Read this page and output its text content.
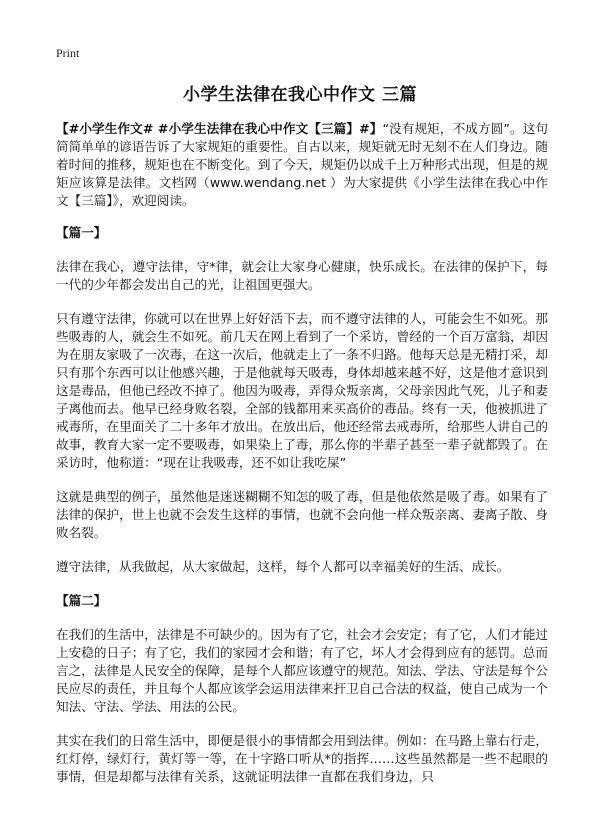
Print
小学生法律在我心中作文 三篇

【#小学生作文# #小学生法律在我心中作文【三篇】#】“没有规矩，不成方圆”。这句简简单单的谚语告诉了大家规矩的重要性。自古以来，规矩就无时无刻不在人们身边。随着时间的推移，规矩也在不断变化。到了今天，规矩仍以成千上万种形式出现，但是的规矩应该算是法律。文档网（www.wendang.net ）为大家提供《小学生法律在我心中作文【三篇】》，欢迎阅读。

【篇一】

法律在我心，遵守法律，守*律，就会让大家身心健康，快乐成长。在法律的保护下，每一代的少年都会发出自己的光，让祖国更强大。

只有遵守法律，你就可以在世界上好好活下去，而不遵守法律的人，可能会生不如死。那些吸毒的人，就会生不如死。前几天在网上看到了一个采访，曾经的一个百万富翁，却因为在朋友家吸了一次毒，在这一次后，他就走上了一条不归路。他每天总是无精打采，却只有那个东西可以让他感兴趣，于是他就每天吸毒，身体却越来越不好，这是他才意识到这是毒品，但他已经改不掉了。他因为吸毒，弄得众叛亲离，父母亲因此气死，儿子和妻子离他而去。他早已经身败名裂，全部的钱都用来买高价的毒品。终有一天，他被抓进了戒毒所，在里面关了二十多年才放出。在放出后，他还经常去戒毒所，给那些人讲自己的故事，教育大家一定不要吸毒，如果染上了毒，那么你的半辈子甚至一辈子就都毁了。在采访时，他称道：“现在让我吸毒，还不如让我吃屎”

这就是典型的例子，虽然他是迷迷糊糊不知怎的吸了毒，但是他依然是吸了毒。如果有了法律的保护，世上也就不会发生这样的事情，也就不会向他一样众叛亲离、妻离子散、身败名裂。

遵守法律，从我做起，从大家做起，这样，每个人都可以幸福美好的生活、成长。

【篇二】

在我们的生活中，法律是不可缺少的。因为有了它，社会才会安定；有了它，人们才能过上安稳的日子；有了它，我们的家园才会和谐；有了它，坏人才会得到应有的惩罚。总而言之，法律是人民安全的保障，是每个人都应该遵守的规范。知法、学法、守法是每个公民应尽的责任，并且每个人都应该学会运用法律来扞卫自己合法的权益，使自己成为一个知法、守法、学法、用法的公民。

其实在我们的日常生活中，即便是很小的事情都会用到法律。例如：在马路上靠右行走，红灯停，绿灯行，黄灯等一等，在十字路口听从*的指挥……这些虽然都是一些不起眼的事情，但是却都与法律有关系，这就证明法律一直都在我们身边，只
